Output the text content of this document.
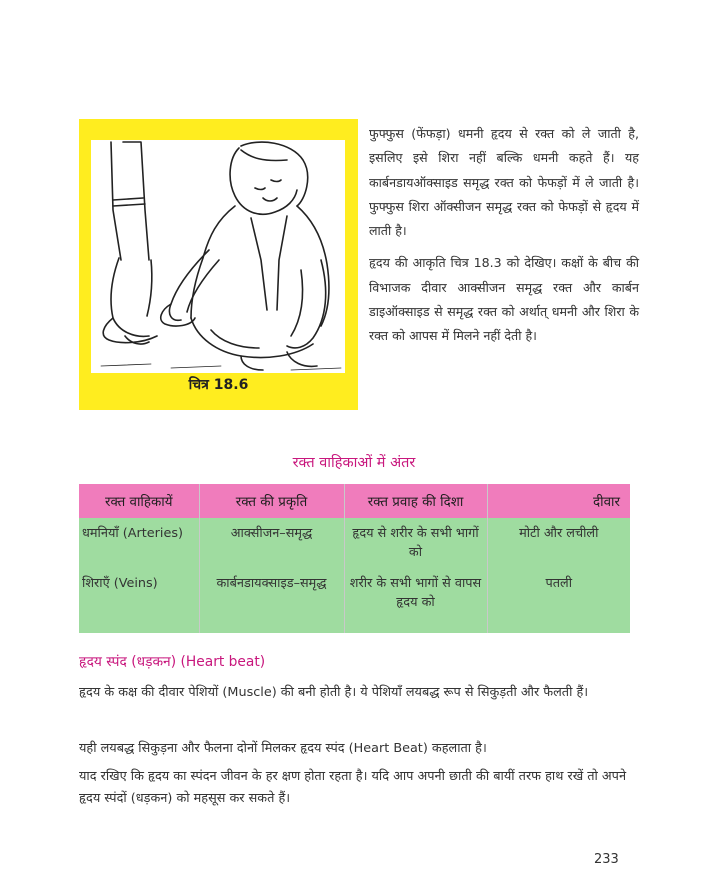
चित्र 18.6

फुफ्फुस (फेंफड़ा) धमनी हृदय से रक्त को ले जाती है, इसलिए इसे शिरा नहीं बल्कि धमनी कहते हैं। यह कार्बनडायऑक्साइड समृद्ध रक्त को फेफड़ों में ले जाती है। फुफ्फुस शिरा ऑक्सीजन समृद्ध रक्त को फेफड़ों से हृदय में लाती है।

हृदय की आकृति चित्र 18.3 को देखिए। कक्षों के बीच की विभाजक दीवार आक्सीजन समृद्ध रक्त और कार्बन डाइऑक्साइड से समृद्ध रक्त को अर्थात् धमनी और शिरा के रक्त को आपस में मिलने नहीं देती है।

रक्त वाहिकाओं में अंतर
रक्त वाहिकायें	रक्त की प्रकृति	रक्त प्रवाह की दिशा	दीवार
धमनियाँ (Arteries)	आक्सीजन–समृद्ध	हृदय से शरीर के सभी भागों को	मोटी और लचीली
शिराएँ (Veins)	कार्बनडायक्साइड–समृद्ध	शरीर के सभी भागों से वापस हृदय को	पतली
हृदय स्पंद (धड़कन) (Heart beat)

हृदय के कक्ष की दीवार पेशियों (Muscle) की बनी होती है। ये पेशियाँ लयबद्ध रूप से सिकुड़ती और फैलती हैं।

यही लयबद्ध सिकुड़ना और फैलना दोनों मिलकर हृदय स्पंद (Heart Beat) कहलाता है।

याद रखिए कि हृदय का स्पंदन जीवन के हर क्षण होता रहता है। यदि आप अपनी छाती की बायीं तरफ हाथ रखें तो अपने हृदय स्पंदों (धड़कन) को महसूस कर सकते हैं।

233
